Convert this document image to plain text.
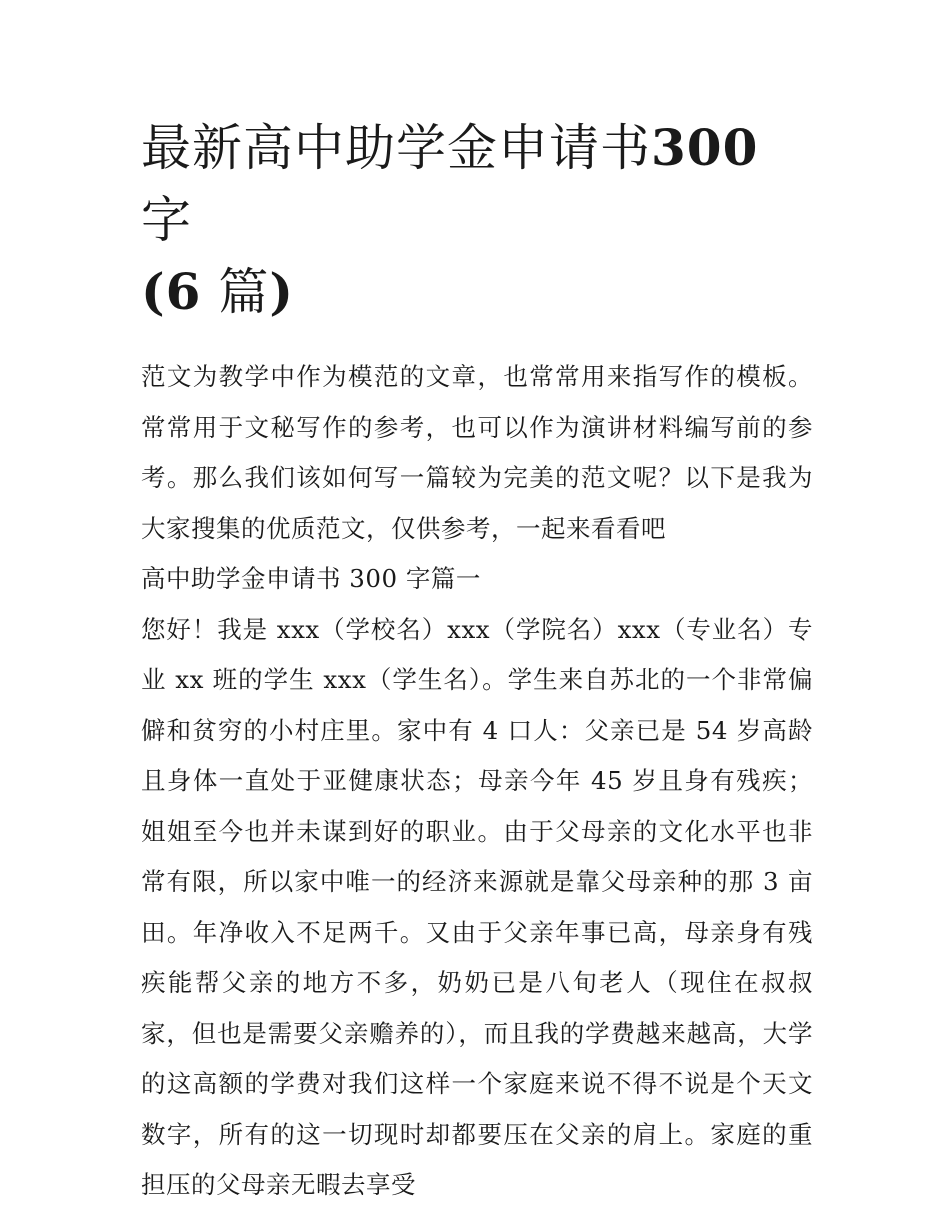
最新高中助学金申请书300 字
(6 篇)

范文为教学中作为模范的文章，也常常用来指写作的模板。常常用于文秘写作的参考，也可以作为演讲材料编写前的参考。那么我们该如何写一篇较为完美的范文呢？以下是我为大家搜集的优质范文，仅供参考，一起来看看吧

高中助学金申请书 300 字篇一

您好！我是 xxx（学校名）xxx（学院名）xxx（专业名）专业 xx 班的学生 xxx（学生名）。学生来自苏北的一个非常偏僻和贫穷的小村庄里。家中有 4 口人：父亲已是 54 岁高龄且身体一直处于亚健康状态；母亲今年 45 岁且身有残疾；姐姐至今也并未谋到好的职业。由于父母亲的文化水平也非常有限，所以家中唯一的经济来源就是靠父母亲种的那 3 亩田。年净收入不足两千。又由于父亲年事已高，母亲身有残疾能帮父亲的地方不多，奶奶已是八旬老人（现住在叔叔家，但也是需要父亲赡养的），而且我的学费越来越高，大学的这高额的学费对我们这样一个家庭来说不得不说是个天文数字，所有的这一切现时却都要压在父亲的肩上。家庭的重担压的父母亲无暇去享受
